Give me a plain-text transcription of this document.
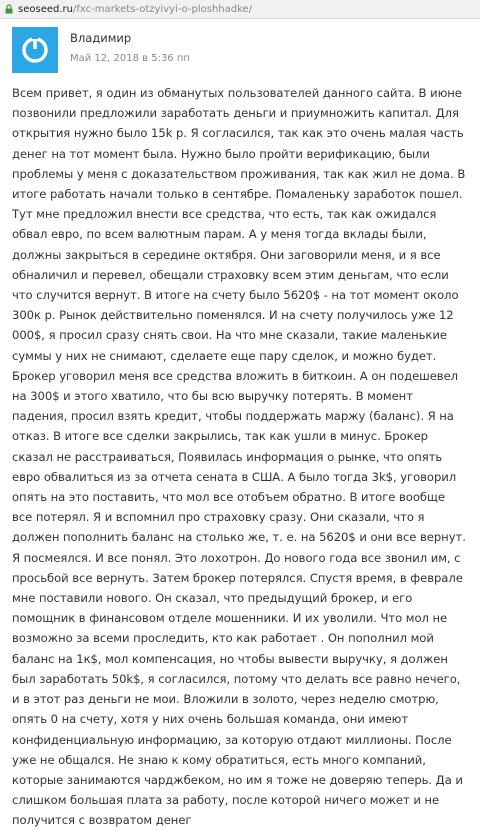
seoseed.ru /fxc-markets-otzyivyi-o-ploshhadke/
Владимир
Май 12, 2018 в 5:36 пп
Всем привет, я один из обманутых пользователей данного сайта. В июне позвонили предложили заработать деньги и приумножить капитал. Для открытия нужно было 15k р. Я согласился, так как это очень малая часть денег на тот момент была. Нужно было пройти верификацию, были проблемы у меня с доказательством проживания, так как жил не дома. В итоге работать начали только в сентябре. Помаленьку заработок пошел. Тут мне предложил внести все средства, что есть, так как ожидался обвал евро, по всем валютным парам. А у меня тогда вклады были, должны закрыться в середине октября. Они заговорили меня, и я все обналичил и перевел, обещали страховку всем этим деньгам, что если что случится вернут. В итоге на счету было 5620$ - на тот момент около 300к р. Рынок действительно поменялся. И на счету получилось уже 12 000$, я просил сразу снять свои. На что мне сказали, такие маленькие суммы у них не снимают, сделаете еще пару сделок, и можно будет. Брокер уговорил меня все средства вложить в биткоин. А он подешевел на 300$ и этого хватило, что бы всю выручку потерять. В момент падения, просил взять кредит, чтобы поддержать маржу (баланс). Я на отказ. В итоге все сделки закрылись, так как ушли в минус. Брокер сказал не расстраиваться, Появилась информация о рынке, что опять евро обвалиться из за отчета сената в США. А было тогда 3k$, уговорил опять на это поставить, что мол все отобъем обратно. В итоге вообще все потерял. Я и вспомнил про страховку сразу. Они сказали, что я должен пополнить баланс на столько же, т. е. на 5620$ и они все вернут. Я посмеялся. И все понял. Это лохотрон. До нового года все звонил им, с просьбой все вернуть. Затем брокер потерялся. Спустя время, в феврале мне поставили нового. Он сказал, что предыдущий брокер, и его помощник в финансовом отделе мошенники. И их уволили. Что мол не возможно за всеми проследить, кто как работает . Он пополнил мой баланс на 1к$, мол компенсация, но чтобы вывести выручку, я должен был заработать 50k$, я согласился, потому что делать все равно нечего, и в этот раз деньги не мои. Вложили в золото, через неделю смотрю, опять 0 на счету, хотя у них очень большая команда, они имеют конфиденциальную информацию, за которую отдают миллионы. После уже не общался. Не знаю к кому обратиться, есть много компаний, которые занимаются чарджбеком, но им я тоже не доверяю теперь. Да и слишком большая плата за работу, после которой ничего может и не получится с возвратом денег
